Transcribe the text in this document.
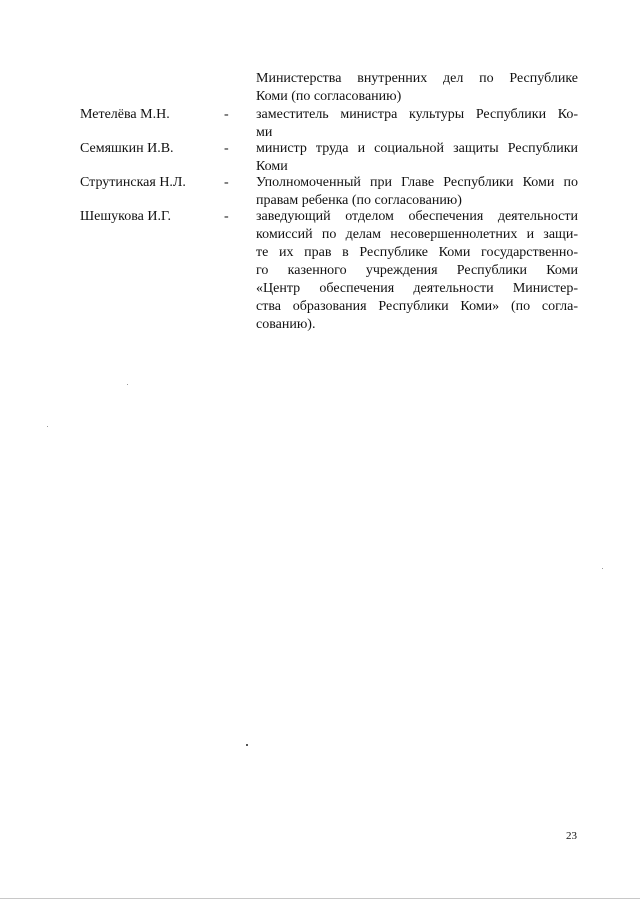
Министерства внутренних дел по Республике
Коми (по согласованию)
Метелёва М.Н.	- заместитель министра культуры Республики Ко-
ми
Семяшкин И.В.	- министр труда и социальной защиты Республики
Коми
Струтинская Н.Л.	- Уполномоченный при Главе Республики Коми по
правам ребенка (по согласованию)
Шешукова И.Г.	- заведующий отделом обеспечения деятельности
комиссий по делам несовершеннолетних и защи-
те их прав в Республике Коми государственно-
го казенного учреждения Республики Коми
«Центр обеспечения деятельности Министер-
ства образования Республики Коми» (по согла-
сованию).
23
